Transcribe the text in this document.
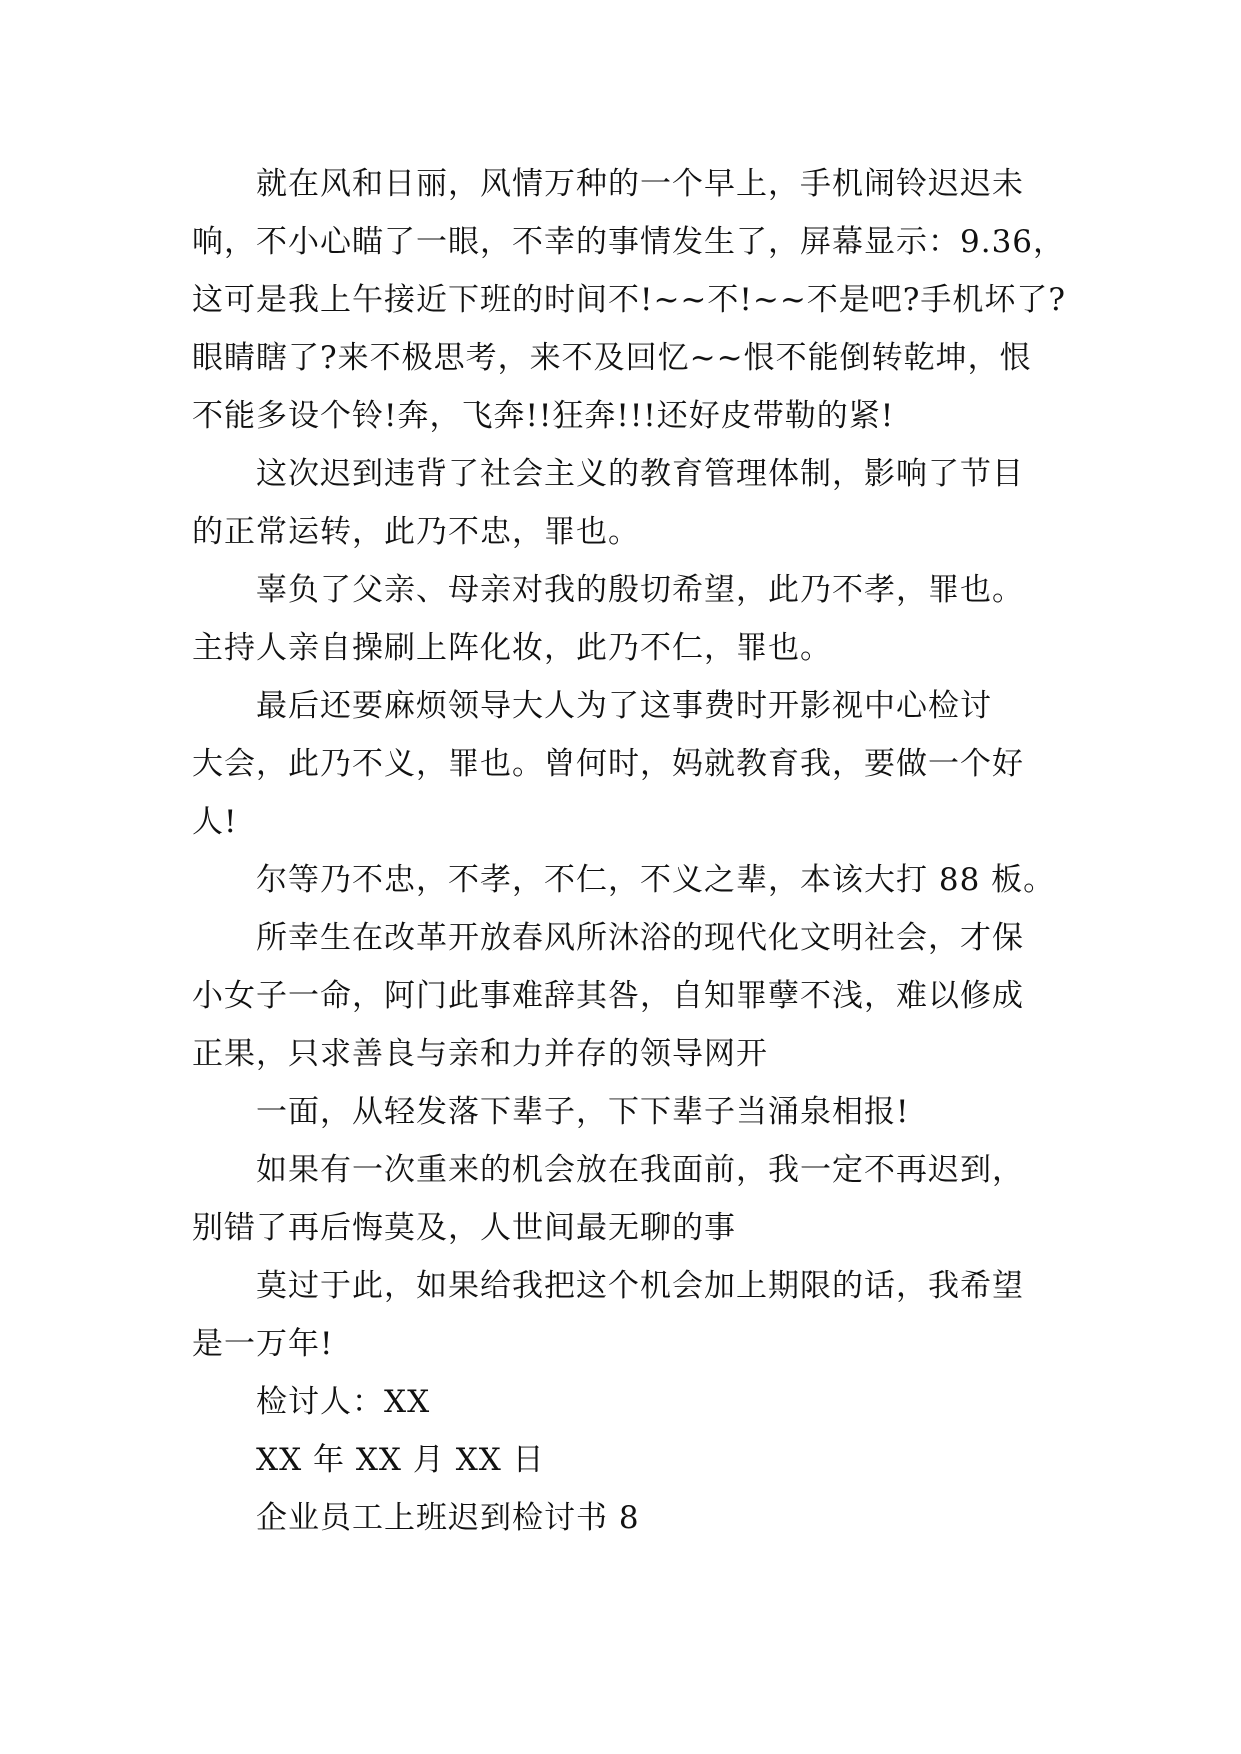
就在风和日丽，风情万种的一个早上，手机闹铃迟迟未
响，不小心瞄了一眼，不幸的事情发生了，屏幕显示：9.36，
这可是我上午接近下班的时间不!~~不!~~不是吧?手机坏了?
眼睛瞎了?来不极思考，来不及回忆~~恨不能倒转乾坤，恨
不能多设个铃!奔，飞奔!!狂奔!!!还好皮带勒的紧!
这次迟到违背了社会主义的教育管理体制，影响了节目
的正常运转，此乃不忠，罪也。
辜负了父亲、母亲对我的殷切希望，此乃不孝，罪也。
主持人亲自操刷上阵化妆，此乃不仁，罪也。
最后还要麻烦领导大人为了这事费时开影视中心检讨
大会，此乃不义，罪也。曾何时，妈就教育我，要做一个好
人!
尔等乃不忠，不孝，不仁，不义之辈，本该大打 88 板。
所幸生在改革开放春风所沐浴的现代化文明社会，才保
小女子一命，阿门此事难辞其咎，自知罪孽不浅，难以修成
正果，只求善良与亲和力并存的领导网开
一面，从轻发落下辈子，下下辈子当涌泉相报!
如果有一次重来的机会放在我面前，我一定不再迟到，
别错了再后悔莫及，人世间最无聊的事
莫过于此，如果给我把这个机会加上期限的话，我希望
是一万年!
检讨人：XX
XX 年 XX 月 XX 日
企业员工上班迟到检讨书 8
